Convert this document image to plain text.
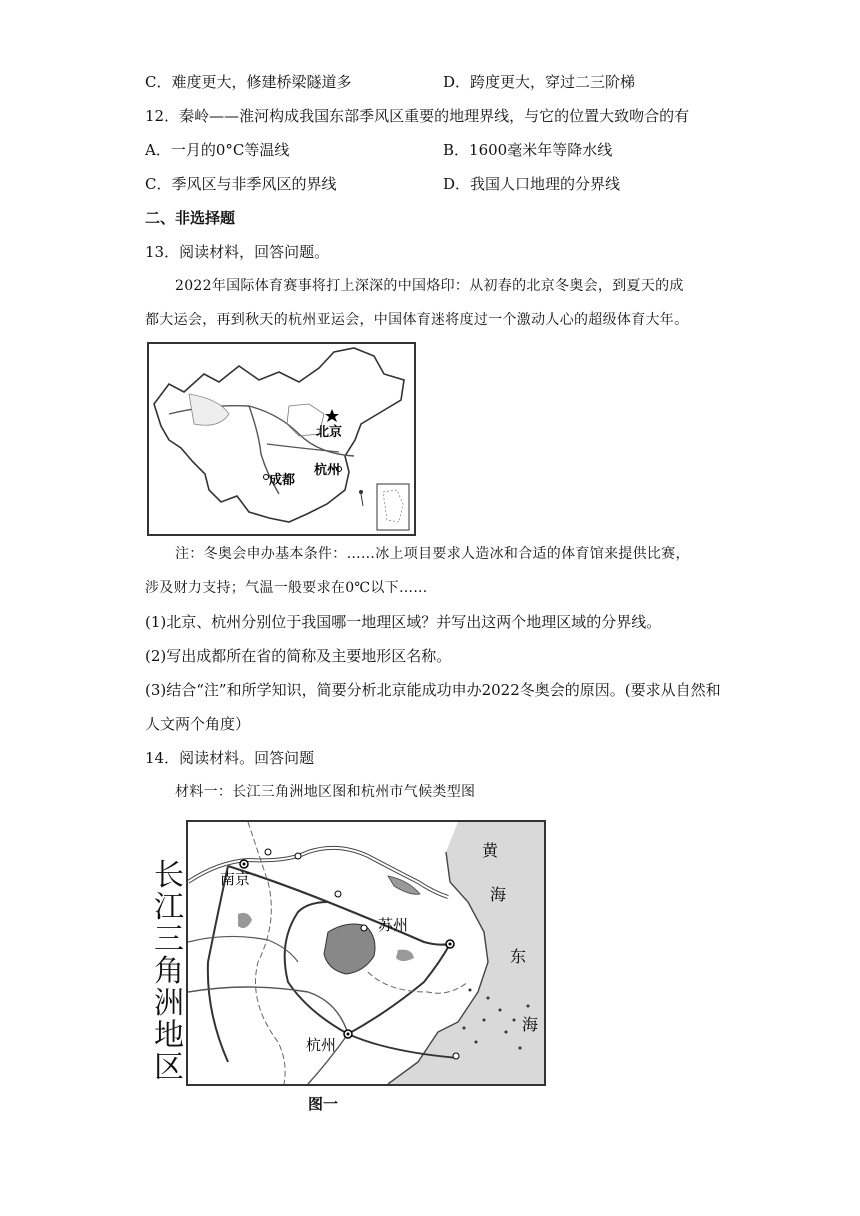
C．难度更大，修建桥梁隧道多	D．跨度更大，穿过二三阶梯
12．秦岭——淮河构成我国东部季风区重要的地理界线，与它的位置大致吻合的有
A．一月的0°C等温线	B．1600毫米年等降水线
C．季风区与非季风区的界线	D．我国人口地理的分界线
二、非选择题
13．阅读材料，回答问题。
2022年国际体育赛事将打上深深的中国烙印：从初春的北京冬奥会，到夏天的成
都大运会，再到秋天的杭州亚运会，中国体育迷将度过一个激动人心的超级体育大年。
北京
杭州
成都
注：冬奥会申办基本条件：……冰上项目要求人造冰和合适的体育馆来提供比赛，
涉及财力支持；气温一般要求在0℃以下……
(1)北京、杭州分别位于我国哪一地理区域？并写出这两个地理区域的分界线。
(2)写出成都所在省的简称及主要地形区名称。
(3)结合“注”和所学知识，简要分析北京能成功申办2022冬奥会的原因。(要求从自然和
人文两个角度）
14．阅读材料。回答问题
材料一：长江三角洲地区图和杭州市气候类型图
长
江
三
角
洲
地
区
南京
苏州
杭州
黄
海
东
海
图一
